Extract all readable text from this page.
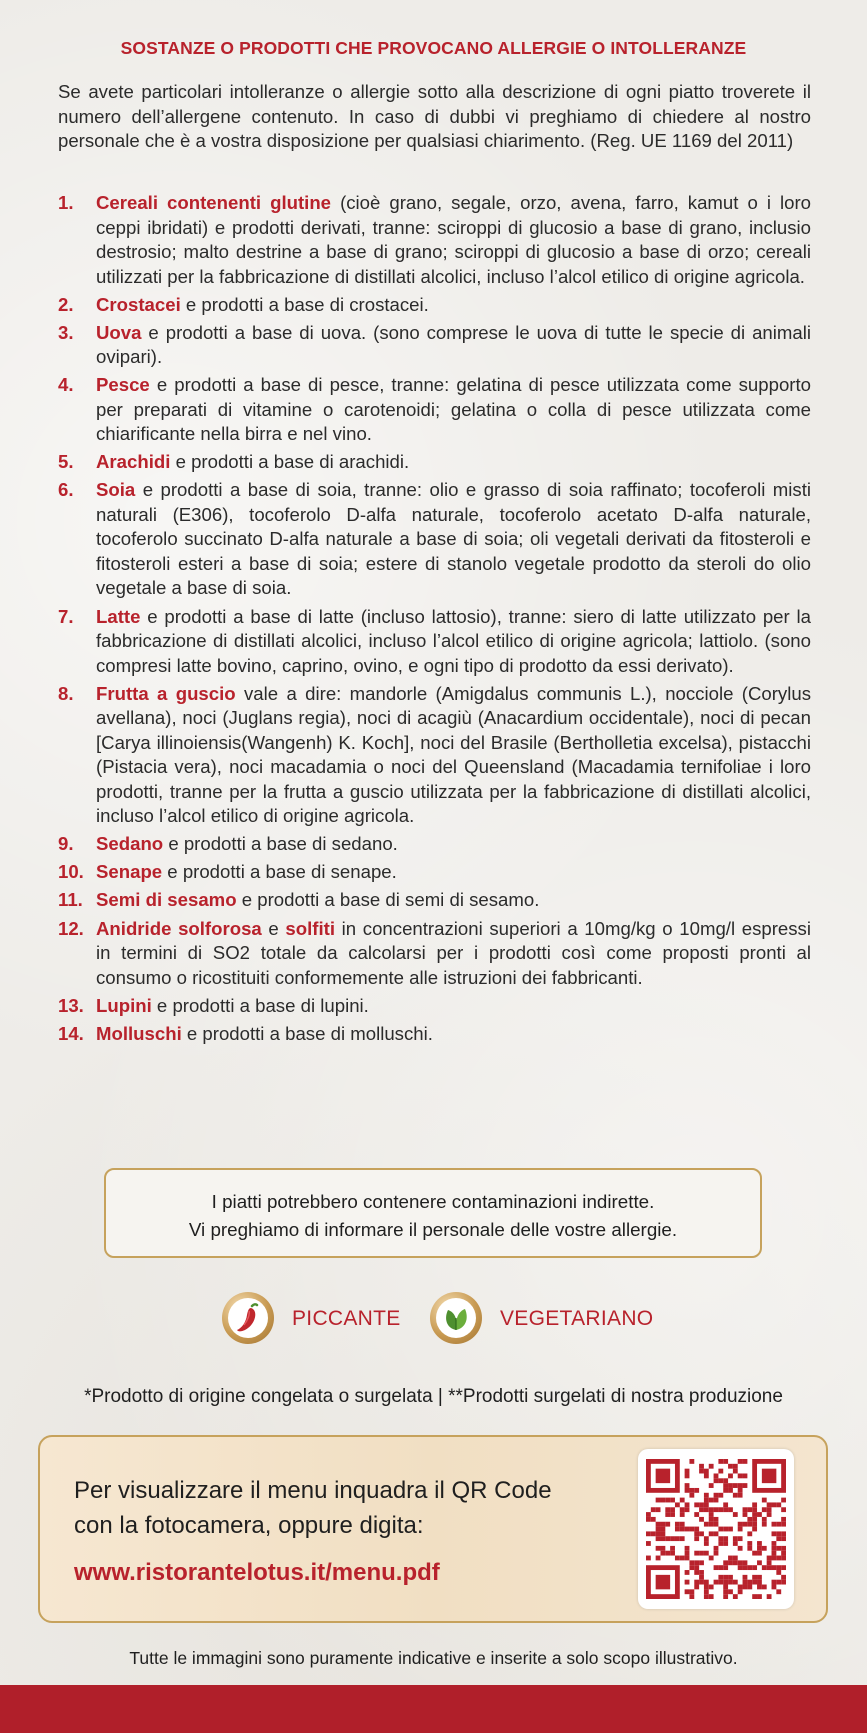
SOSTANZE O PRODOTTI CHE PROVOCANO ALLERGIE O INTOLLERANZE
Se avete particolari intolleranze o allergie sotto alla descrizione di ogni piatto troverete il numero dell’allergene contenuto. In caso di dubbi vi preghiamo di chiedere al nostro personale che è a vostra disposizione per qualsiasi chiarimento. (Reg. UE 1169 del 2011)
1. Cereali contenenti glutine (cioè grano, segale, orzo, avena, farro, kamut o i loro ceppi ibridati) e prodotti derivati, tranne: sciroppi di glucosio a base di grano, inclusio destrosio; malto destrine a base di grano; sciroppi di glucosio a base di orzo; cereali utilizzati per la fabbricazione di distillati alcolici, incluso l’alcol etilico di origine agricola.
2. Crostacei e prodotti a base di crostacei.
3. Uova e prodotti a base di uova. (sono comprese le uova di tutte le specie di animali ovipari).
4. Pesce e prodotti a base di pesce, tranne: gelatina di pesce utilizzata come supporto per preparati di vitamine o carotenoidi; gelatina o colla di pesce utilizzata come chiarificante nella birra e nel vino.
5. Arachidi e prodotti a base di arachidi.
6. Soia e prodotti a base di soia, tranne: olio e grasso di soia raffinato; tocoferoli misti naturali (E306), tocoferolo D-alfa naturale, tocoferolo acetato D-alfa naturale, tocoferolo succinato D-alfa naturale a base di soia; oli vegetali derivati da fitosteroli e fitosteroli esteri a base di soia; estere di stanolo vegetale prodotto da steroli do olio vegetale a base di soia.
7. Latte e prodotti a base di latte (incluso lattosio), tranne: siero di latte utilizzato per la fabbricazione di distillati alcolici, incluso l’alcol etilico di origine agricola; lattiolo. (sono compresi latte bovino, caprino, ovino, e ogni tipo di prodotto da essi derivato).
8. Frutta a guscio vale a dire: mandorle (Amigdalus communis L.), nocciole (Corylus avellana), noci (Juglans regia), noci di acagiù (Anacardium occidentale), noci di pecan [Carya illinoiensis(Wangenh) K. Koch], noci del Brasile (Bertholletia excelsa), pistacchi (Pistacia vera), noci macadamia o noci del Queensland (Macadamia ternifoliae i loro prodotti, tranne per la frutta a guscio utilizzata per la fabbricazione di distillati alcolici, incluso l’alcol etilico di origine agricola.
9. Sedano e prodotti a base di sedano.
10. Senape e prodotti a base di senape.
11. Semi di sesamo e prodotti a base di semi di sesamo.
12. Anidride solforosa e solfiti in concentrazioni superiori a 10mg/kg o 10mg/l espressi in termini di SO2 totale da calcolarsi per i prodotti così come proposti pronti al consumo o ricostituiti conformemente alle istruzioni dei fabbricanti.
13. Lupini e prodotti a base di lupini.
14. Molluschi e prodotti a base di molluschi.
I piatti potrebbero contenere contaminazioni indirette.
Vi preghiamo di informare il personale delle vostre allergie.
PICCANTE	VEGETARIANO
*Prodotto di origine congelata o surgelata | **Prodotti surgelati di nostra produzione
Per visualizzare il menu inquadra il QR Code
con la fotocamera, oppure digita:
www.ristorantelotus.it/menu.pdf
Tutte le immagini sono puramente indicative e inserite a solo scopo illustrativo.
